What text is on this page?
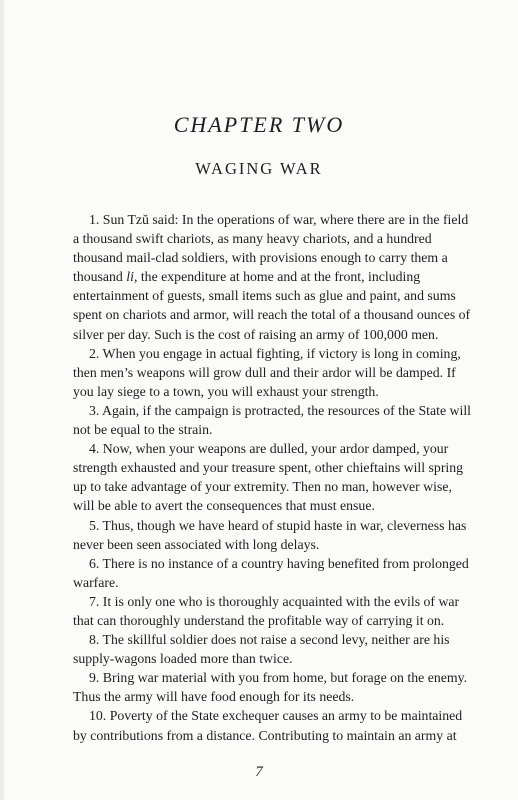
CHAPTER TWO
WAGING WAR

1. Sun Tzŭ said: In the operations of war, where there are in the field a thousand swift chariots, as many heavy chariots, and a hundred thousand mail-clad soldiers, with provisions enough to carry them a thousand li, the expenditure at home and at the front, including entertainment of guests, small items such as glue and paint, and sums spent on chariots and armor, will reach the total of a thousand ounces of silver per day. Such is the cost of raising an army of 100,000 men.

2. When you engage in actual fighting, if victory is long in coming, then men’s weapons will grow dull and their ardor will be damped. If you lay siege to a town, you will exhaust your strength.

3. Again, if the campaign is protracted, the resources of the State will not be equal to the strain.

4. Now, when your weapons are dulled, your ardor damped, your strength exhausted and your treasure spent, other chieftains will spring up to take advantage of your extremity. Then no man, however wise, will be able to avert the consequences that must ensue.

5. Thus, though we have heard of stupid haste in war, cleverness has never been seen associated with long delays.

6. There is no instance of a country having benefited from prolonged warfare.

7. It is only one who is thoroughly acquainted with the evils of war that can thoroughly understand the profitable way of carrying it on.

8. The skillful soldier does not raise a second levy, neither are his supply-wagons loaded more than twice.

9. Bring war material with you from home, but forage on the enemy. Thus the army will have food enough for its needs.

10. Poverty of the State exchequer causes an army to be maintained by contributions from a distance. Contributing to maintain an army at

7
